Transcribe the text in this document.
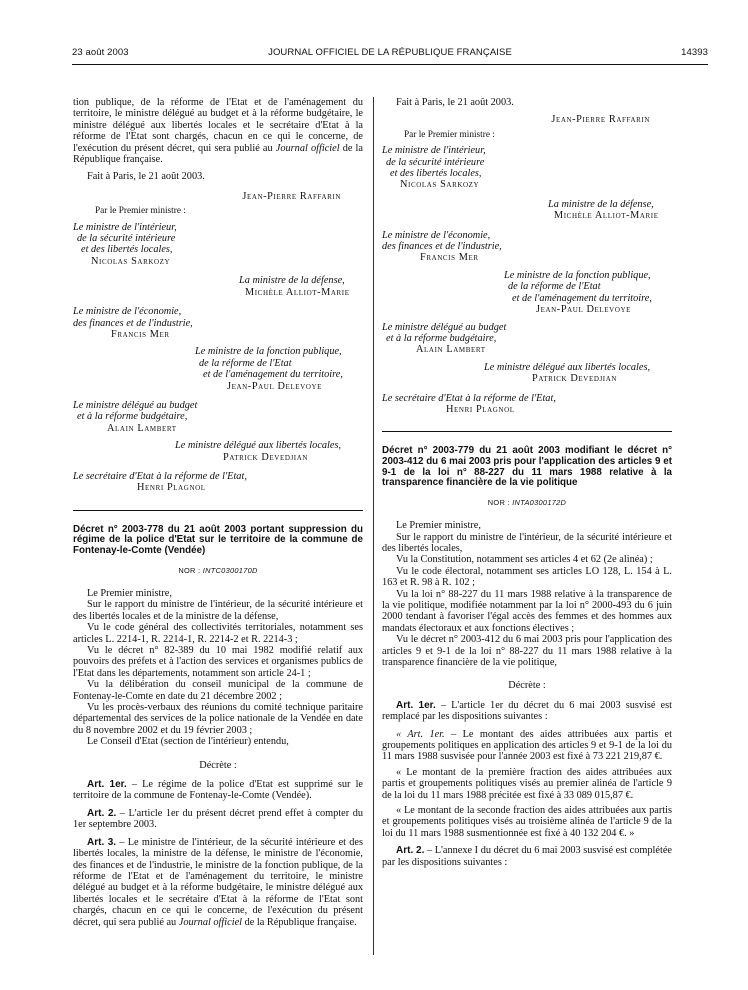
23 août 2003	JOURNAL OFFICIEL DE LA RÉPUBLIQUE FRANÇAISE	14393

tion publique, de la réforme de l'Etat et de l'aménagement du territoire, le ministre délégué au budget et à la réforme budgétaire, le ministre délégué aux libertés locales et le secrétaire d'Etat à la réforme de l'Etat sont chargés, chacun en ce qui le concerne, de l'exécution du présent décret, qui sera publié au Journal officiel de la République française.

Fait à Paris, le 21 août 2003.

Jean-Pierre Raffarin

Par le Premier ministre :

Le ministre de l'intérieur,
de la sécurité intérieure
et des libertés locales,
Nicolas Sarkozy
La ministre de la défense,
Michèle Alliot-Marie
Le ministre de l'économie,
des finances et de l'industrie,
Francis Mer
Le ministre de la fonction publique,
de la réforme de l'Etat
et de l'aménagement du territoire,
Jean-Paul Delevoye
Le ministre délégué au budget
et à la réforme budgétaire,
Alain Lambert
Le ministre délégué aux libertés locales,
Patrick Devedjian
Le secrétaire d'Etat à la réforme de l'Etat,
Henri Plagnol
Décret n° 2003-778 du 21 août 2003 portant suppression du régime de la police d'Etat sur le territoire de la commune de Fontenay-le-Comte (Vendée)
NOR : INTC0300170D

Le Premier ministre,

Sur le rapport du ministre de l'intérieur, de la sécurité intérieure et des libertés locales et de la ministre de la défense,

Vu le code général des collectivités territoriales, notamment ses articles L. 2214-1, R. 2214-1, R. 2214-2 et R. 2214-3 ;

Vu le décret n° 82-389 du 10 mai 1982 modifié relatif aux pouvoirs des préfets et à l'action des services et organismes publics de l'Etat dans les départements, notamment son article 24-1 ;

Vu la délibération du conseil municipal de la commune de Fontenay-le-Comte en date du 21 décembre 2002 ;

Vu les procès-verbaux des réunions du comité technique paritaire départemental des services de la police nationale de la Vendée en date du 8 novembre 2002 et du 19 février 2003 ;

Le Conseil d'Etat (section de l'intérieur) entendu,

Décrète :

Art. 1er. – Le régime de la police d'Etat est supprimé sur le territoire de la commune de Fontenay-le-Comte (Vendée).

Art. 2. – L'article 1er du présent décret prend effet à compter du 1er septembre 2003.

Art. 3. – Le ministre de l'intérieur, de la sécurité intérieure et des libertés locales, la ministre de la défense, le ministre de l'économie, des finances et de l'industrie, le ministre de la fonction publique, de la réforme de l'Etat et de l'aménagement du territoire, le ministre délégué au budget et à la réforme budgétaire, le ministre délégué aux libertés locales et le secrétaire d'Etat à la réforme de l'Etat sont chargés, chacun en ce qui le concerne, de l'exécution du présent décret, qui sera publié au Journal officiel de la République française.

Fait à Paris, le 21 août 2003.

Jean-Pierre Raffarin

Par le Premier ministre :

Le ministre de l'intérieur,
de la sécurité intérieure
et des libertés locales,
Nicolas Sarkozy
La ministre de la défense,
Michèle Alliot-Marie
Le ministre de l'économie,
des finances et de l'industrie,
Francis Mer
Le ministre de la fonction publique,
de la réforme de l'Etat
et de l'aménagement du territoire,
Jean-Paul Delevoye
Le ministre délégué au budget
et à la réforme budgétaire,
Alain Lambert
Le ministre délégué aux libertés locales,
Patrick Devedjian
Le secrétaire d'Etat à la réforme de l'Etat,
Henri Plagnol
Décret n° 2003-779 du 21 août 2003 modifiant le décret n° 2003-412 du 6 mai 2003 pris pour l'application des articles 9 et 9-1 de la loi n° 88-227 du 11 mars 1988 relative à la transparence financière de la vie politique
NOR : INTA0300172D

Le Premier ministre,

Sur le rapport du ministre de l'intérieur, de la sécurité intérieure et des libertés locales,

Vu la Constitution, notamment ses articles 4 et 62 (2e alinéa) ;

Vu le code électoral, notamment ses articles LO 128, L. 154 à L. 163 et R. 98 à R. 102 ;

Vu la loi n° 88-227 du 11 mars 1988 relative à la transparence de la vie politique, modifiée notamment par la loi n° 2000-493 du 6 juin 2000 tendant à favoriser l'égal accès des femmes et des hommes aux mandats électoraux et aux fonctions électives ;

Vu le décret n° 2003-412 du 6 mai 2003 pris pour l'application des articles 9 et 9-1 de la loi n° 88-227 du 11 mars 1988 relative à la transparence financière de la vie politique,

Décrète :

Art. 1er. – L'article 1er du décret du 6 mai 2003 susvisé est remplacé par les dispositions suivantes :

« Art. 1er. – Le montant des aides attribuées aux partis et groupements politiques en application des articles 9 et 9-1 de la loi du 11 mars 1988 susvisée pour l'année 2003 est fixé à 73 221 219,87 €.

« Le montant de la première fraction des aides attribuées aux partis et groupements politiques visés au premier alinéa de l'article 9 de la loi du 11 mars 1988 précitée est fixé à 33 089 015,87 €.

« Le montant de la seconde fraction des aides attribuées aux partis et groupements politiques visés au troisième alinéa de l'article 9 de la loi du 11 mars 1988 susmentionnée est fixé à 40 132 204 €. »

Art. 2. – L'annexe I du décret du 6 mai 2003 susvisé est complétée par les dispositions suivantes :
